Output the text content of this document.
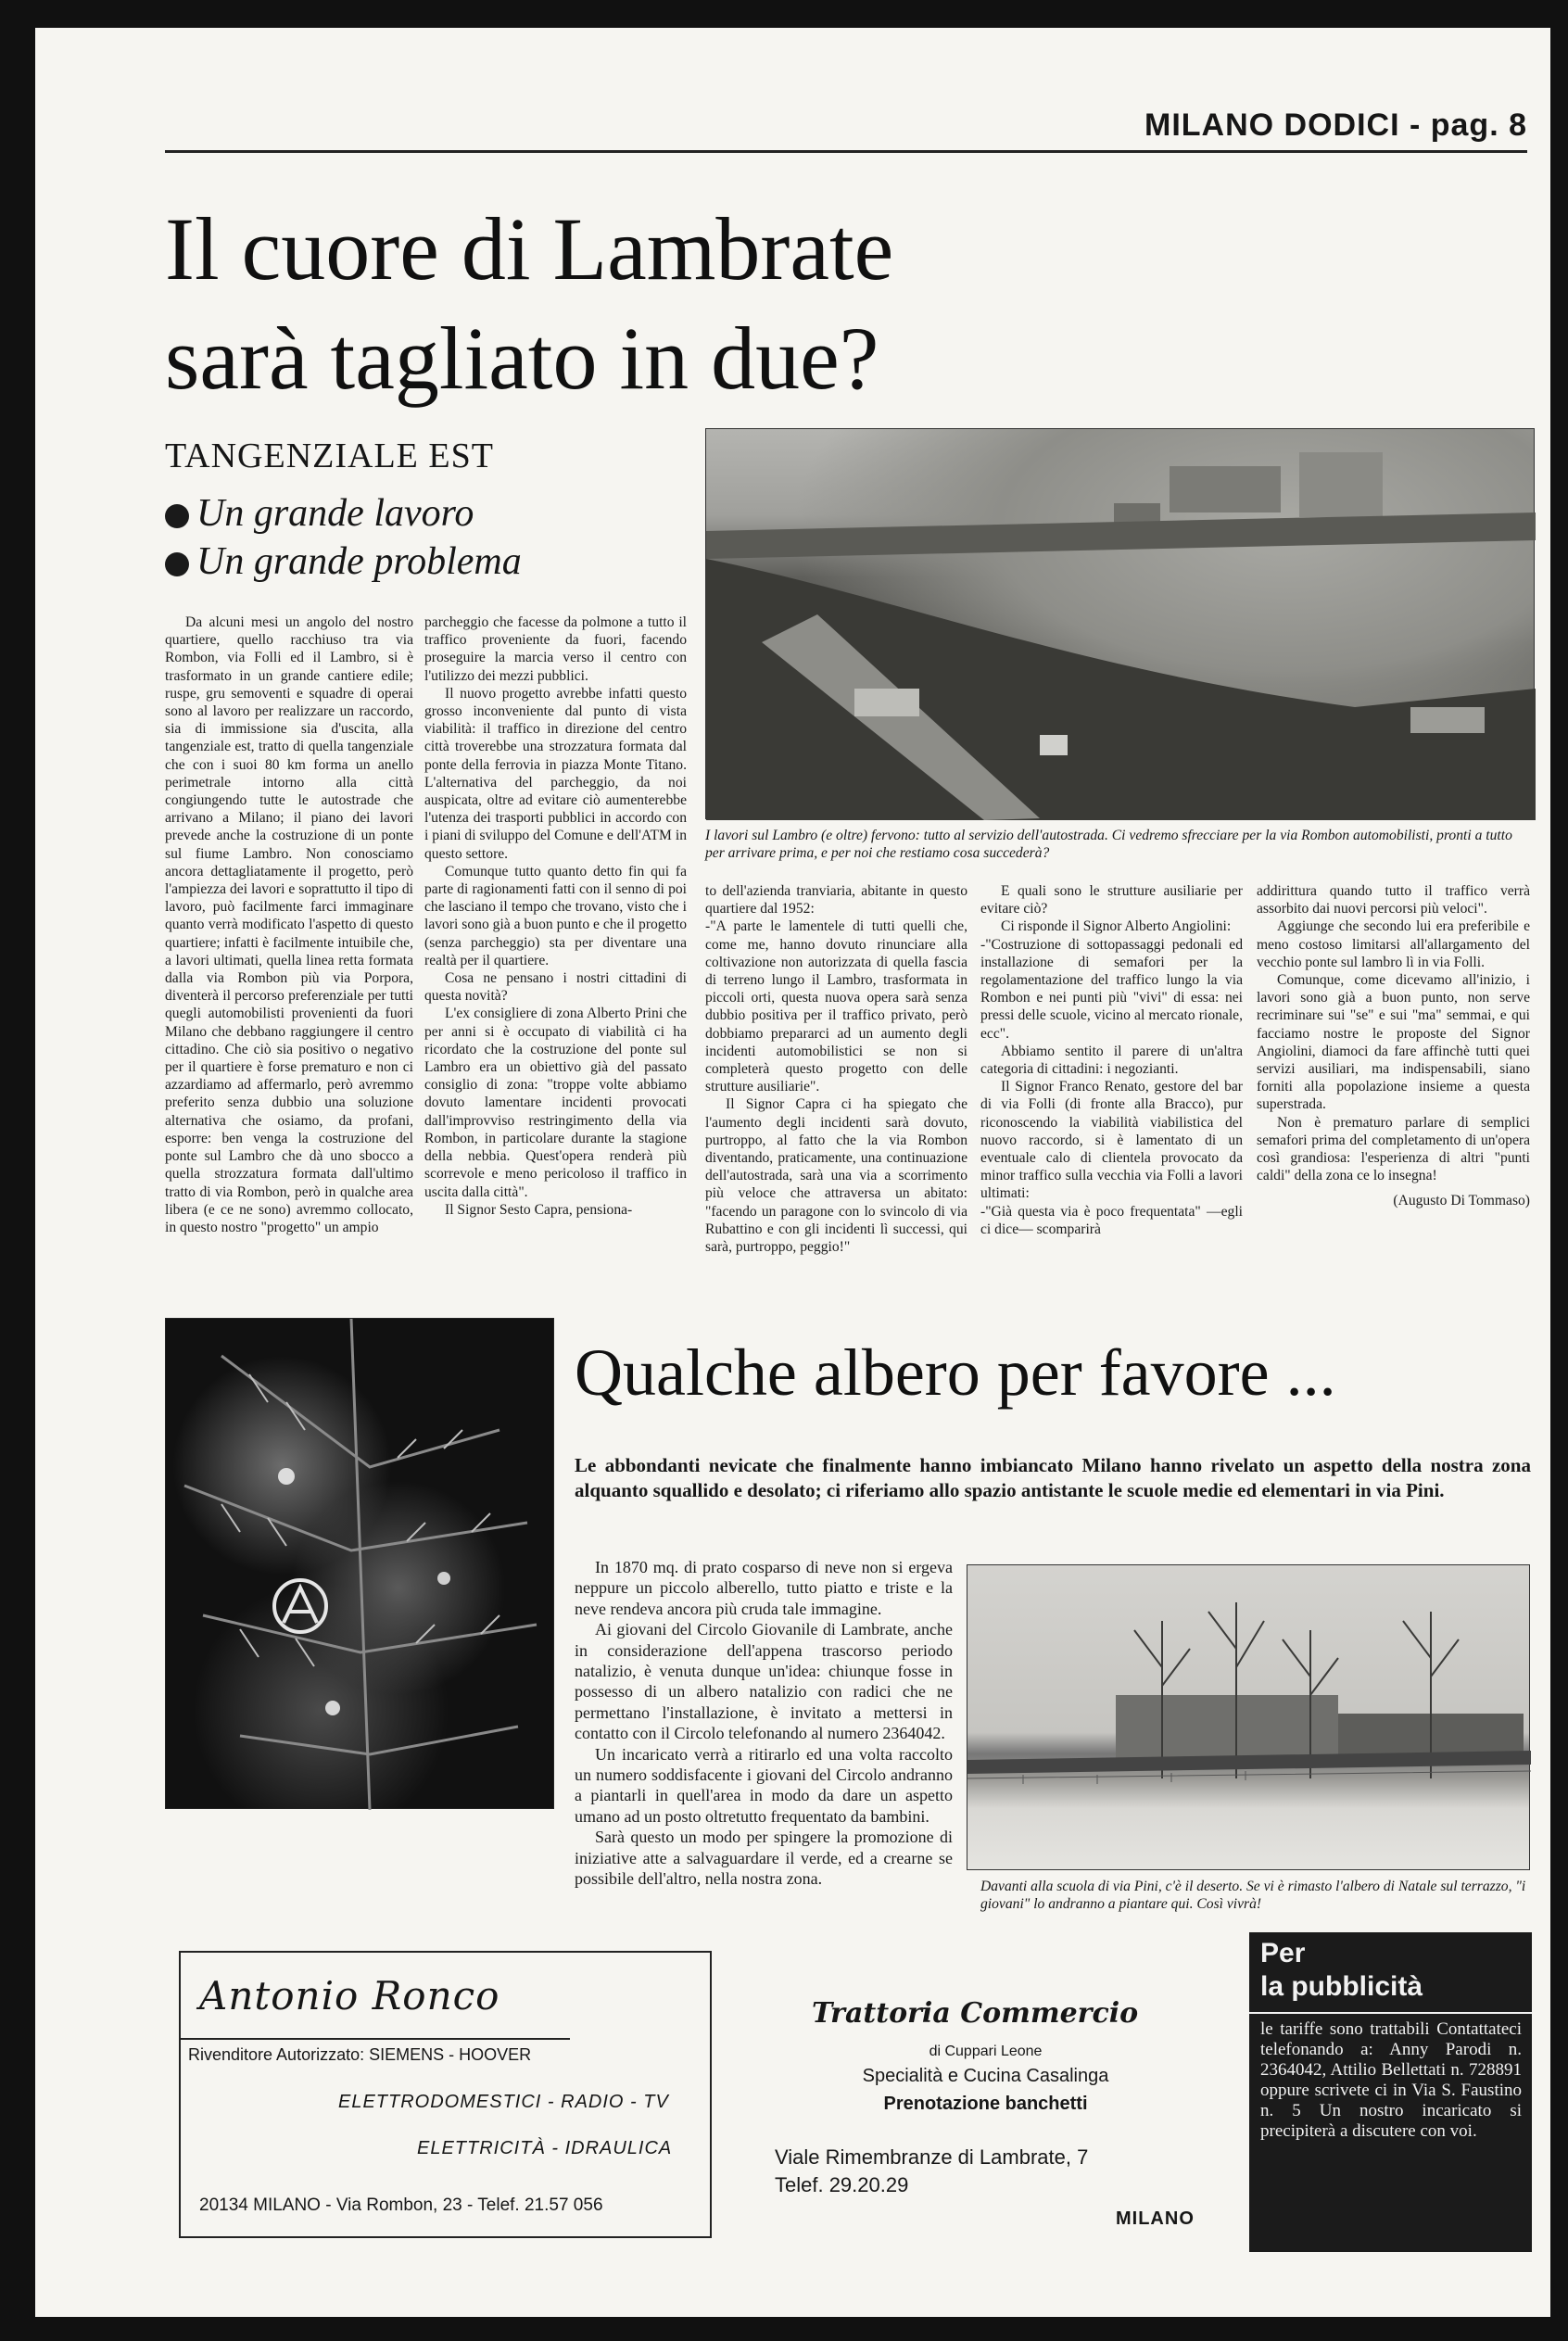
MILANO DODICI - pag. 8
Il cuore di Lambrate
sarà tagliato in due?
TANGENZIALE EST
Un grande lavoro
Un grande problema

Da alcuni mesi un angolo del nostro quartiere, quello racchiuso tra via Rombon, via Folli ed il Lambro, si è trasformato in un grande cantiere edile; ruspe, gru semoventi e squadre di operai sono al lavoro per realizzare un raccordo, sia di immissione sia d'uscita, alla tangenziale est, tratto di quella tangenziale che con i suoi 80 km forma un anello perimetrale intorno alla città congiungendo tutte le autostrade che arrivano a Milano; il piano dei lavori prevede anche la costruzione di un ponte sul fiume Lambro. Non conosciamo ancora dettagliatamente il progetto, però l'ampiezza dei lavori e soprattutto il tipo di lavoro, può facilmente farci immaginare quanto verrà modificato l'aspetto di questo quartiere; infatti è facilmente intuibile che, a lavori ultimati, quella linea retta formata dalla via Rombon più via Porpora, diventerà il percorso preferenziale per tutti quegli automobilisti provenienti da fuori Milano che debbano raggiungere il centro cittadino. Che ciò sia positivo o negativo per il quartiere è forse prematuro e non ci azzardiamo ad affermarlo, però avremmo preferito senza dubbio una soluzione alternativa che osiamo, da profani, esporre: ben venga la costruzione del ponte sul Lambro che dà uno sbocco a quella strozzatura formata dall'ultimo tratto di via Rombon, però in qualche area libera (e ce ne sono) avremmo collocato, in questo nostro "progetto" un ampio

parcheggio che facesse da polmone a tutto il traffico proveniente da fuori, facendo proseguire la marcia verso il centro con l'utilizzo dei mezzi pubblici.

Il nuovo progetto avrebbe infatti questo grosso inconveniente dal punto di vista viabilità: il traffico in direzione del centro città troverebbe una strozzatura formata dal ponte della ferrovia in piazza Monte Titano. L'alternativa del parcheggio, da noi auspicata, oltre ad evitare ciò aumenterebbe l'utenza dei trasporti pubblici in accordo con i piani di sviluppo del Comune e dell'ATM in questo settore.

Comunque tutto quanto detto fin qui fa parte di ragionamenti fatti con il senno di poi che lasciano il tempo che trovano, visto che i lavori sono già a buon punto e che il progetto (senza parcheggio) sta per diventare una realtà per il quartiere.

Cosa ne pensano i nostri cittadini di questa novità?

L'ex consigliere di zona Alberto Prini che per anni si è occupato di viabilità ci ha ricordato che la costruzione del ponte sul Lambro era un obiettivo già del passato consiglio di zona: "troppe volte abbiamo dovuto lamentare incidenti provocati dall'improvviso restringimento della via Rombon, in particolare durante la stagione della nebbia. Quest'opera renderà più scorrevole e meno pericoloso il traffico in uscita dalla città".

Il Signor Sesto Capra, pensiona-

I lavori sul Lambro (e oltre) fervono: tutto al servizio dell'autostrada. Ci vedremo sfrecciare per la via Rombon automobilisti, pronti a tutto per arrivare prima, e per noi che restiamo cosa succederà?

to dell'azienda tranviaria, abitante in questo quartiere dal 1952:

-"A parte le lamentele di tutti quelli che, come me, hanno dovuto rinunciare alla coltivazione non autorizzata di quella fascia di terreno lungo il Lambro, trasformata in piccoli orti, questa nuova opera sarà senza dubbio positiva per il traffico privato, però dobbiamo prepararci ad un aumento degli incidenti automobilistici se non si completerà questo progetto con delle strutture ausiliarie".

Il Signor Capra ci ha spiegato che l'aumento degli incidenti sarà dovuto, purtroppo, al fatto che la via Rombon diventando, praticamente, una continuazione dell'autostrada, sarà una via a scorrimento più veloce che attraversa un abitato: "facendo un paragone con lo svincolo di via Rubattino e con gli incidenti lì successi, qui sarà, purtroppo, peggio!"

E quali sono le strutture ausiliarie per evitare ciò?

Ci risponde il Signor Alberto Angiolini:

-"Costruzione di sottopassaggi pedonali ed installazione di semafori per la regolamentazione del traffico lungo la via Rombon e nei punti più "vivi" di essa: nei pressi delle scuole, vicino al mercato rionale, ecc".

Abbiamo sentito il parere di un'altra categoria di cittadini: i negozianti.

Il Signor Franco Renato, gestore del bar di via Folli (di fronte alla Bracco), pur riconoscendo la viabilità viabilistica del nuovo raccordo, si è lamentato di un eventuale calo di clientela provocato da minor traffico sulla vecchia via Folli a lavori ultimati:

-"Già questa via è poco frequentata" —egli ci dice— scomparirà

addirittura quando tutto il traffico verrà assorbito dai nuovi percorsi più veloci".

Aggiunge che secondo lui era preferibile e meno costoso limitarsi all'allargamento del vecchio ponte sul lambro lì in via Folli.

Comunque, come dicevamo all'inizio, i lavori sono già a buon punto, non serve recriminare sui "se" e sui "ma" semmai, e qui facciamo nostre le proposte del Signor Angiolini, diamoci da fare affinchè tutti quei servizi ausiliari, ma indispensabili, siano forniti alla popolazione insieme a questa superstrada.

Non è prematuro parlare di semplici semafori prima del completamento di un'opera così grandiosa: l'esperienza di altri "punti caldi" della zona ce lo insegna!

(Augusto Di Tommaso)

Qualche albero per favore ...
Le abbondanti nevicate che finalmente hanno imbiancato Milano hanno rivelato un aspetto della nostra zona alquanto squallido e desolato; ci riferiamo allo spazio antistante le scuole medie ed elementari in via Pini.

In 1870 mq. di prato cosparso di neve non si ergeva neppure un piccolo alberello, tutto piatto e triste e la neve rendeva ancora più cruda tale immagine.

Ai giovani del Circolo Giovanile di Lambrate, anche in considerazione dell'appena trascorso periodo natalizio, è venuta dunque un'idea: chiunque fosse in possesso di un albero natalizio con radici che ne permettano l'installazione, è invitato a mettersi in contatto con il Circolo telefonando al numero 2364042.

Un incaricato verrà a ritirarlo ed una volta raccolto un numero soddisfacente i giovani del Circolo andranno a piantarli in quell'area in modo da dare un aspetto umano ad un posto oltretutto frequentato da bambini.

Sarà questo un modo per spingere la promozione di iniziative atte a salvaguardare il verde, ed a crearne se possibile dell'altro, nella nostra zona.	Davanti alla scuola di via Pini, c'è il deserto. Se vi è rimasto l'albero di Natale sul terrazzo, "i giovani" lo andranno a piantare qui. Così vivrà!
Antonio Ronco
Rivenditore Autorizzato: SIEMENS - HOOVER
ELETTRODOMESTICI - RADIO - TV
ELETTRICITÀ - IDRAULICA
20134 MILANO - Via Rombon, 23 - Telef. 21.57 056
Trattoria Commercio
di Cuppari Leone
Specialità e Cucina Casalinga
Prenotazione banchetti
Viale Rimembranze di Lambrate, 7
Telef. 29.20.29
MILANO
Per
la pubblicità
le tariffe sono trattabili Contattateci telefonando a: Anny Parodi n. 2364042, Attilio Bellettati n. 728891 oppure scrivete ci in Via S. Faustino n. 5 Un nostro incaricato si precipiterà a discutere con voi.
